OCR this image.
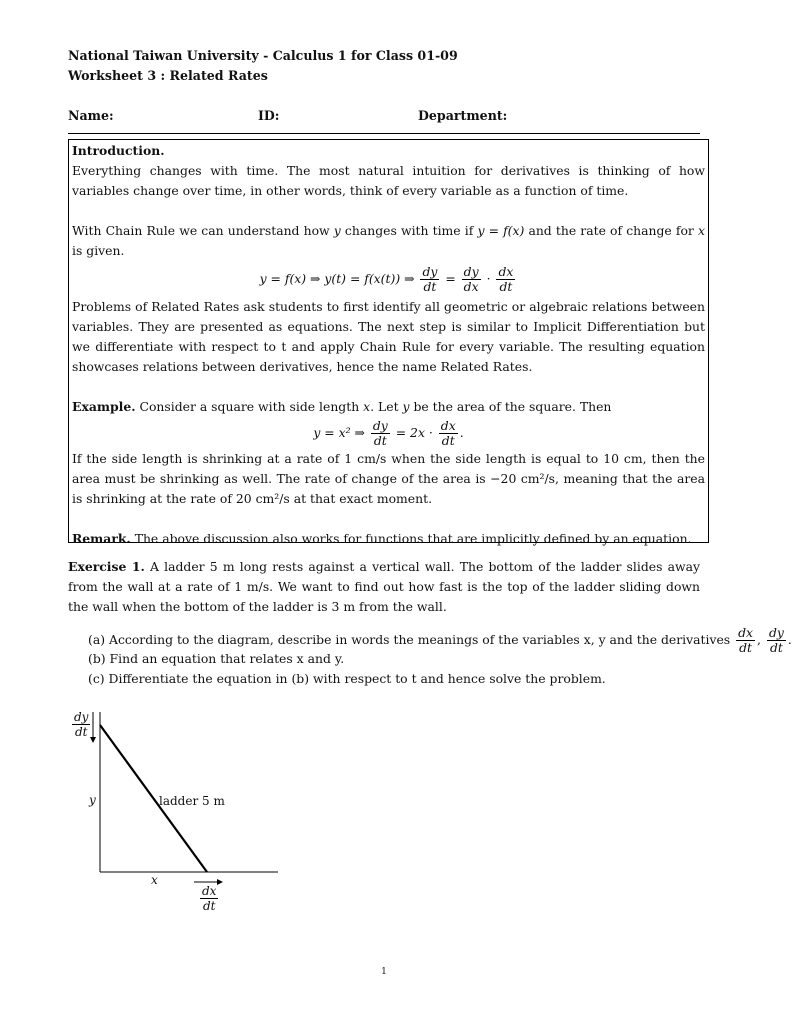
National Taiwan University - Calculus 1 for Class 01-09
Worksheet 3 : Related Rates
Name:	ID:	Department:

Introduction.

Everything changes with time. The most natural intuition for derivatives is thinking of how variables change over time, in other words, think of every variable as a function of time.

With Chain Rule we can understand how y changes with time if y = f(x) and the rate of change for x is given.

y = f(x) ⇒ y(t) = f(x(t)) ⇒ $\frac{dy}{dt} = \frac{dy}{dx} \cdot \frac{dx}{dt}$

Problems of Related Rates ask students to first identify all geometric or algebraic relations between variables. They are presented as equations. The next step is similar to Implicit Differentiation but we differentiate with respect to t and apply Chain Rule for every variable. The resulting equation showcases relations between derivatives, hence the name Related Rates.

Example. Consider a square with side length x. Let y be the area of the square. Then

y = x² ⇒ $\frac{dy}{dt} = 2x \cdot \frac{dx}{dt}$ .

If the side length is shrinking at a rate of 1 cm/s when the side length is equal to 10 cm, then the area must be shrinking as well. The rate of change of the area is −20 cm²/s, meaning that the area is shrinking at the rate of 20 cm²/s at that exact moment.

Remark. The above discussion also works for functions that are implicitly defined by an equation.

Exercise 1. A ladder 5 m long rests against a vertical wall. The bottom of the ladder slides away from the wall at a rate of 1 m/s. We want to find out how fast is the top of the ladder sliding down the wall when the bottom of the ladder is 3 m from the wall.

(a) According to the diagram, describe in words the meanings of the variables x, y and the derivatives $\frac{dx}{dt}$ , $\frac{dy}{dt}$ .
(b) Find an equation that relates x and y.
(c) Differentiate the equation in (b) with respect to t and hence solve the problem.
$\frac{dy}{dt}$
y	ladder 5 m
x
$\frac{dx}{dt}$
1
